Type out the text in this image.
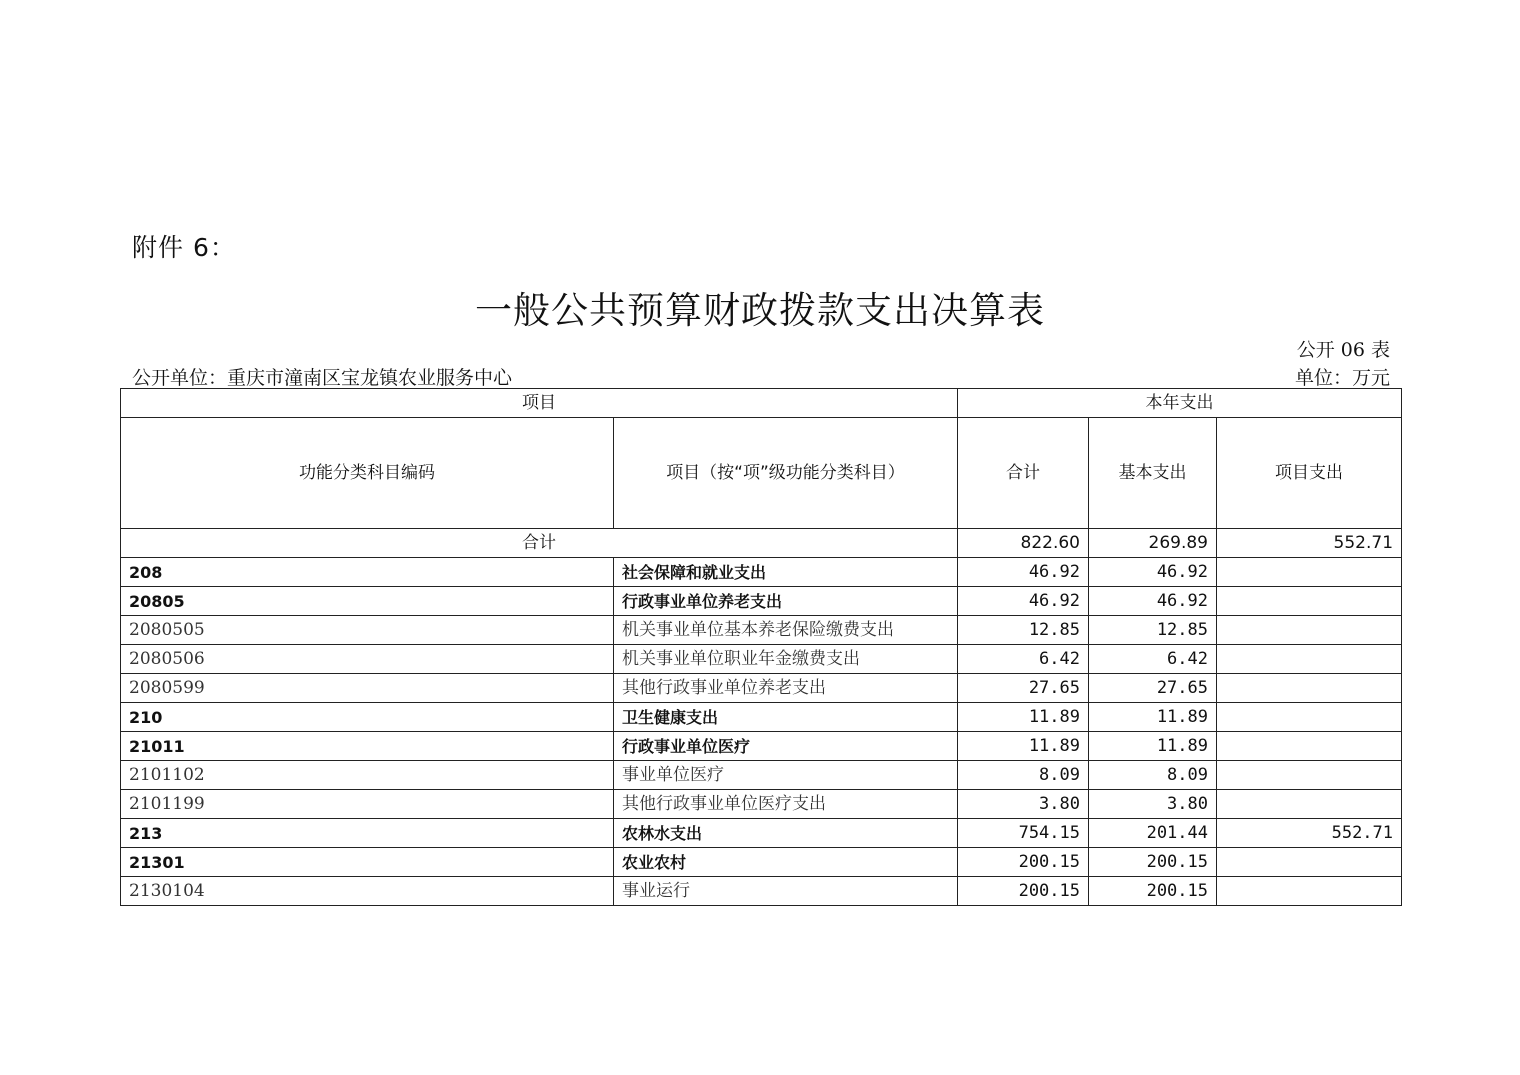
附件 6：
一般公共预算财政拨款支出决算表
公开 06 表
公开单位：重庆市潼南区宝龙镇农业服务中心	单位：万元
项目		本年支出		
功能分类科目编码	项目（按“项”级功能分类科目）	合计	基本支出	项目支出
合计		822.60	269.89	552.71
208	社会保障和就业支出	46.92	46.92	
20805	行政事业单位养老支出	46.92	46.92	
2080505	机关事业单位基本养老保险缴费支出	12.85	12.85	
2080506	机关事业单位职业年金缴费支出	6.42	6.42	
2080599	其他行政事业单位养老支出	27.65	27.65	
210	卫生健康支出	11.89	11.89	
21011	行政事业单位医疗	11.89	11.89	
2101102	事业单位医疗	8.09	8.09	
2101199	其他行政事业单位医疗支出	3.80	3.80	
213	农林水支出	754.15	201.44	552.71
21301	农业农村	200.15	200.15	
2130104	事业运行	200.15	200.15	
